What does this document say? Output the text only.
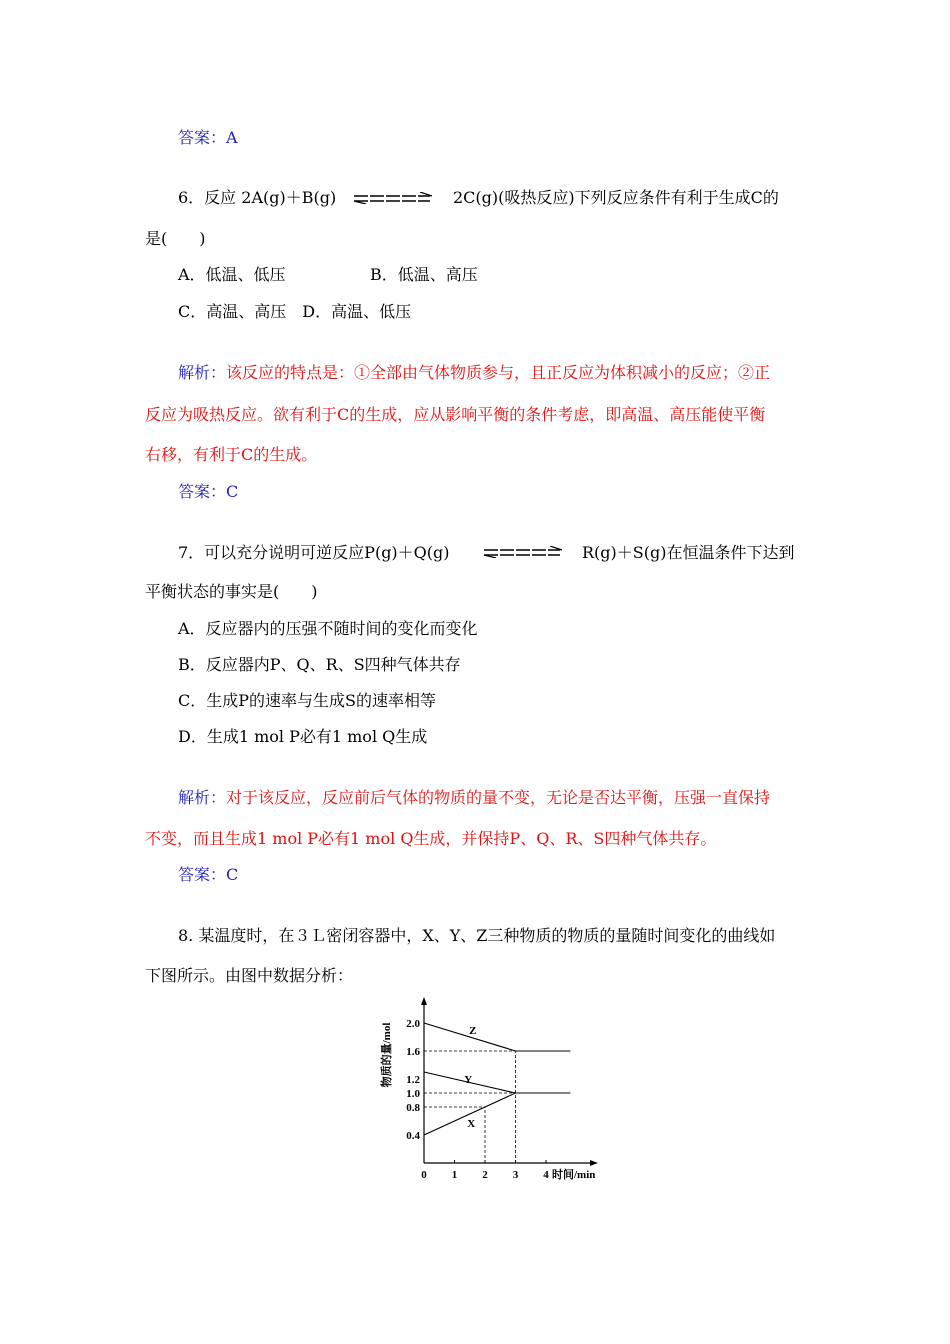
答案：A
6．反应 2A(g)＋B(g)	2C(g)(吸热反应)下列反应条件有利于生成C的
是(　　)
A．低温、低压	B．低温、高压
C．高温、高压　D．高温、低压
解析：该反应的特点是：①全部由气体物质参与，且正反应为体积减小的反应；②正
反应为吸热反应。欲有利于C的生成，应从影响平衡的条件考虑，即高温、高压能使平衡
右移，有利于C的生成。
答案：C
7．可以充分说明可逆反应P(g)＋Q(g)	R(g)＋S(g)在恒温条件下达到
平衡状态的事实是(　　)
A．反应器内的压强不随时间的变化而变化
B．反应器内P、Q、R、S四种气体共存
C．生成P的速率与生成S的速率相等
D．生成1 mol P必有1 mol Q生成
解析：对于该反应，反应前后气体的物质的量不变，无论是否达平衡，压强一直保持
不变，而且生成1 mol P必有1 mol Q生成，并保持P、Q、R、S四种气体共存。
答案：C
8. 某温度时，在３Ｌ密闭容器中，X、Y、Z三种物质的物质的量随时间变化的曲线如
下图所示。由图中数据分析：
0 1 2 3 4
0.4
0.8
1.0
1.2
1.6
2.0
时间/min
物质的量/mol	Z
Y
X
